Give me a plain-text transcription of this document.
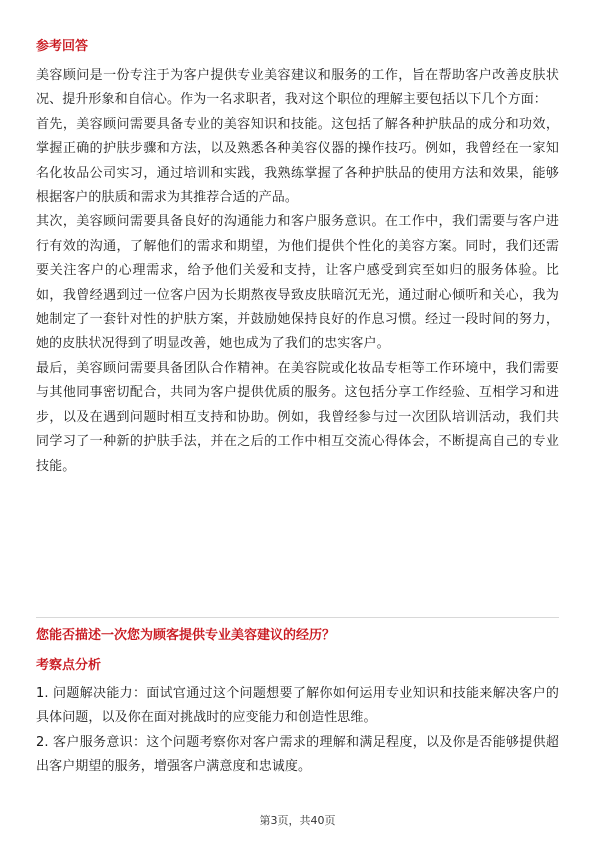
参考回答

美容顾问是一份专注于为客户提供专业美容建议和服务的工作，旨在帮助客户改善皮肤状况、提升形象和自信心。作为一名求职者，我对这个职位的理解主要包括以下几个方面：

首先，美容顾问需要具备专业的美容知识和技能。这包括了解各种护肤品的成分和功效，掌握正确的护肤步骤和方法，以及熟悉各种美容仪器的操作技巧。例如，我曾经在一家知名化妆品公司实习，通过培训和实践，我熟练掌握了各种护肤品的使用方法和效果，能够根据客户的肤质和需求为其推荐合适的产品。

其次，美容顾问需要具备良好的沟通能力和客户服务意识。在工作中，我们需要与客户进行有效的沟通，了解他们的需求和期望，为他们提供个性化的美容方案。同时，我们还需要关注客户的心理需求，给予他们关爱和支持，让客户感受到宾至如归的服务体验。比如，我曾经遇到过一位客户因为长期熬夜导致皮肤暗沉无光，通过耐心倾听和关心，我为她制定了一套针对性的护肤方案，并鼓励她保持良好的作息习惯。经过一段时间的努力，她的皮肤状况得到了明显改善，她也成为了我们的忠实客户。

最后，美容顾问需要具备团队合作精神。在美容院或化妆品专柜等工作环境中，我们需要与其他同事密切配合，共同为客户提供优质的服务。这包括分享工作经验、互相学习和进步，以及在遇到问题时相互支持和协助。例如，我曾经参与过一次团队培训活动，我们共同学习了一种新的护肤手法，并在之后的工作中相互交流心得体会，不断提高自己的专业技能。

您能否描述一次您为顾客提供专业美容建议的经历？

考察点分析

1. 问题解决能力：面试官通过这个问题想要了解你如何运用专业知识和技能来解决客户的具体问题，以及你在面对挑战时的应变能力和创造性思维。

2. 客户服务意识：这个问题考察你对客户需求的理解和满足程度，以及你是否能够提供超出客户期望的服务，增强客户满意度和忠诚度。

第3页，共40页
